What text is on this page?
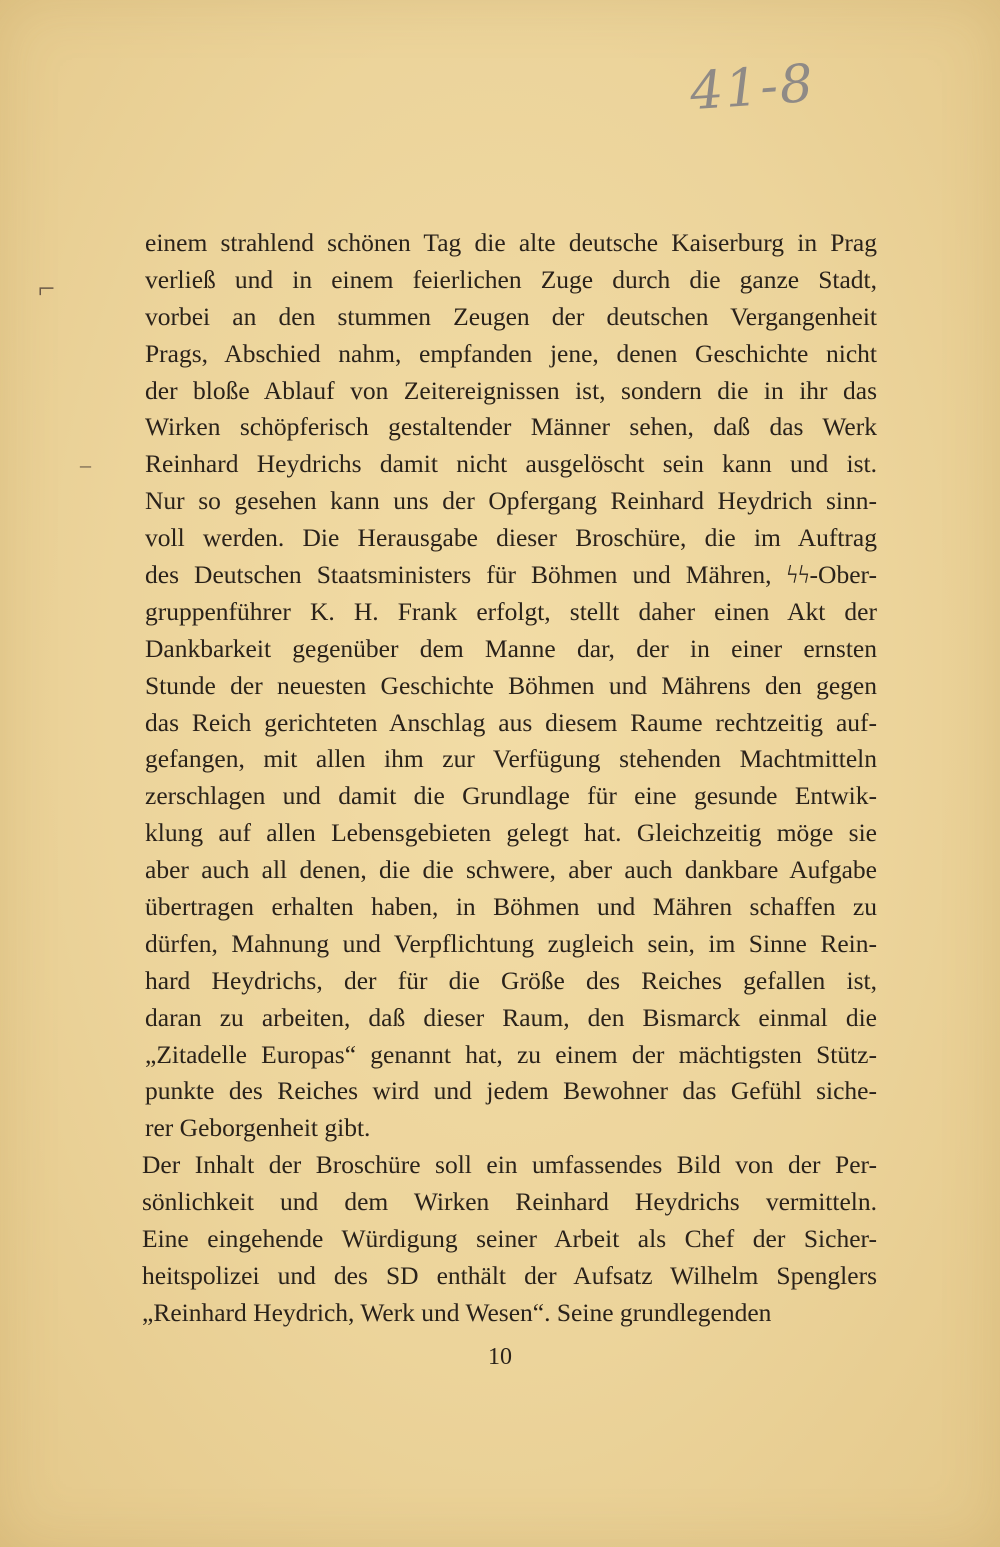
41-8
⌐
–
einem strahlend schönen Tag die alte deutsche Kaiserburg in Prag
verließ und in einem feierlichen Zuge durch die ganze Stadt,
vorbei an den stummen Zeugen der deutschen Vergangenheit
Prags, Abschied nahm, empfanden jene, denen Geschichte nicht
der bloße Ablauf von Zeitereignissen ist, sondern die in ihr das
Wirken schöpferisch gestaltender Männer sehen, daß das Werk
Reinhard Heydrichs damit nicht ausgelöscht sein kann und ist.
Nur so gesehen kann uns der Opfergang Reinhard Heydrich sinn-
voll werden. Die Herausgabe dieser Broschüre, die im Auftrag
des Deutschen Staatsministers für Böhmen und Mähren, ϟϟ-Ober-
gruppenführer K. H. Frank erfolgt, stellt daher einen Akt der
Dankbarkeit gegenüber dem Manne dar, der in einer ernsten
Stunde der neuesten Geschichte Böhmen und Mährens den gegen
das Reich gerichteten Anschlag aus diesem Raume rechtzeitig auf-
gefangen, mit allen ihm zur Verfügung stehenden Machtmitteln
zerschlagen und damit die Grundlage für eine gesunde Entwik-
klung auf allen Lebensgebieten gelegt hat. Gleichzeitig möge sie
aber auch all denen, die die schwere, aber auch dankbare Aufgabe
übertragen erhalten haben, in Böhmen und Mähren schaffen zu
dürfen, Mahnung und Verpflichtung zugleich sein, im Sinne Rein-
hard Heydrichs, der für die Größe des Reiches gefallen ist,
daran zu arbeiten, daß dieser Raum, den Bismarck einmal die
„Zitadelle Europas“ genannt hat, zu einem der mächtigsten Stütz-
punkte des Reiches wird und jedem Bewohner das Gefühl siche-
rer Geborgenheit gibt.
Der Inhalt der Broschüre soll ein umfassendes Bild von der Per-
sönlichkeit und dem Wirken Reinhard Heydrichs vermitteln.
Eine eingehende Würdigung seiner Arbeit als Chef der Sicher-
heitspolizei und des SD enthält der Aufsatz Wilhelm Spenglers
„Reinhard Heydrich, Werk und Wesen“. Seine grundlegenden
10
